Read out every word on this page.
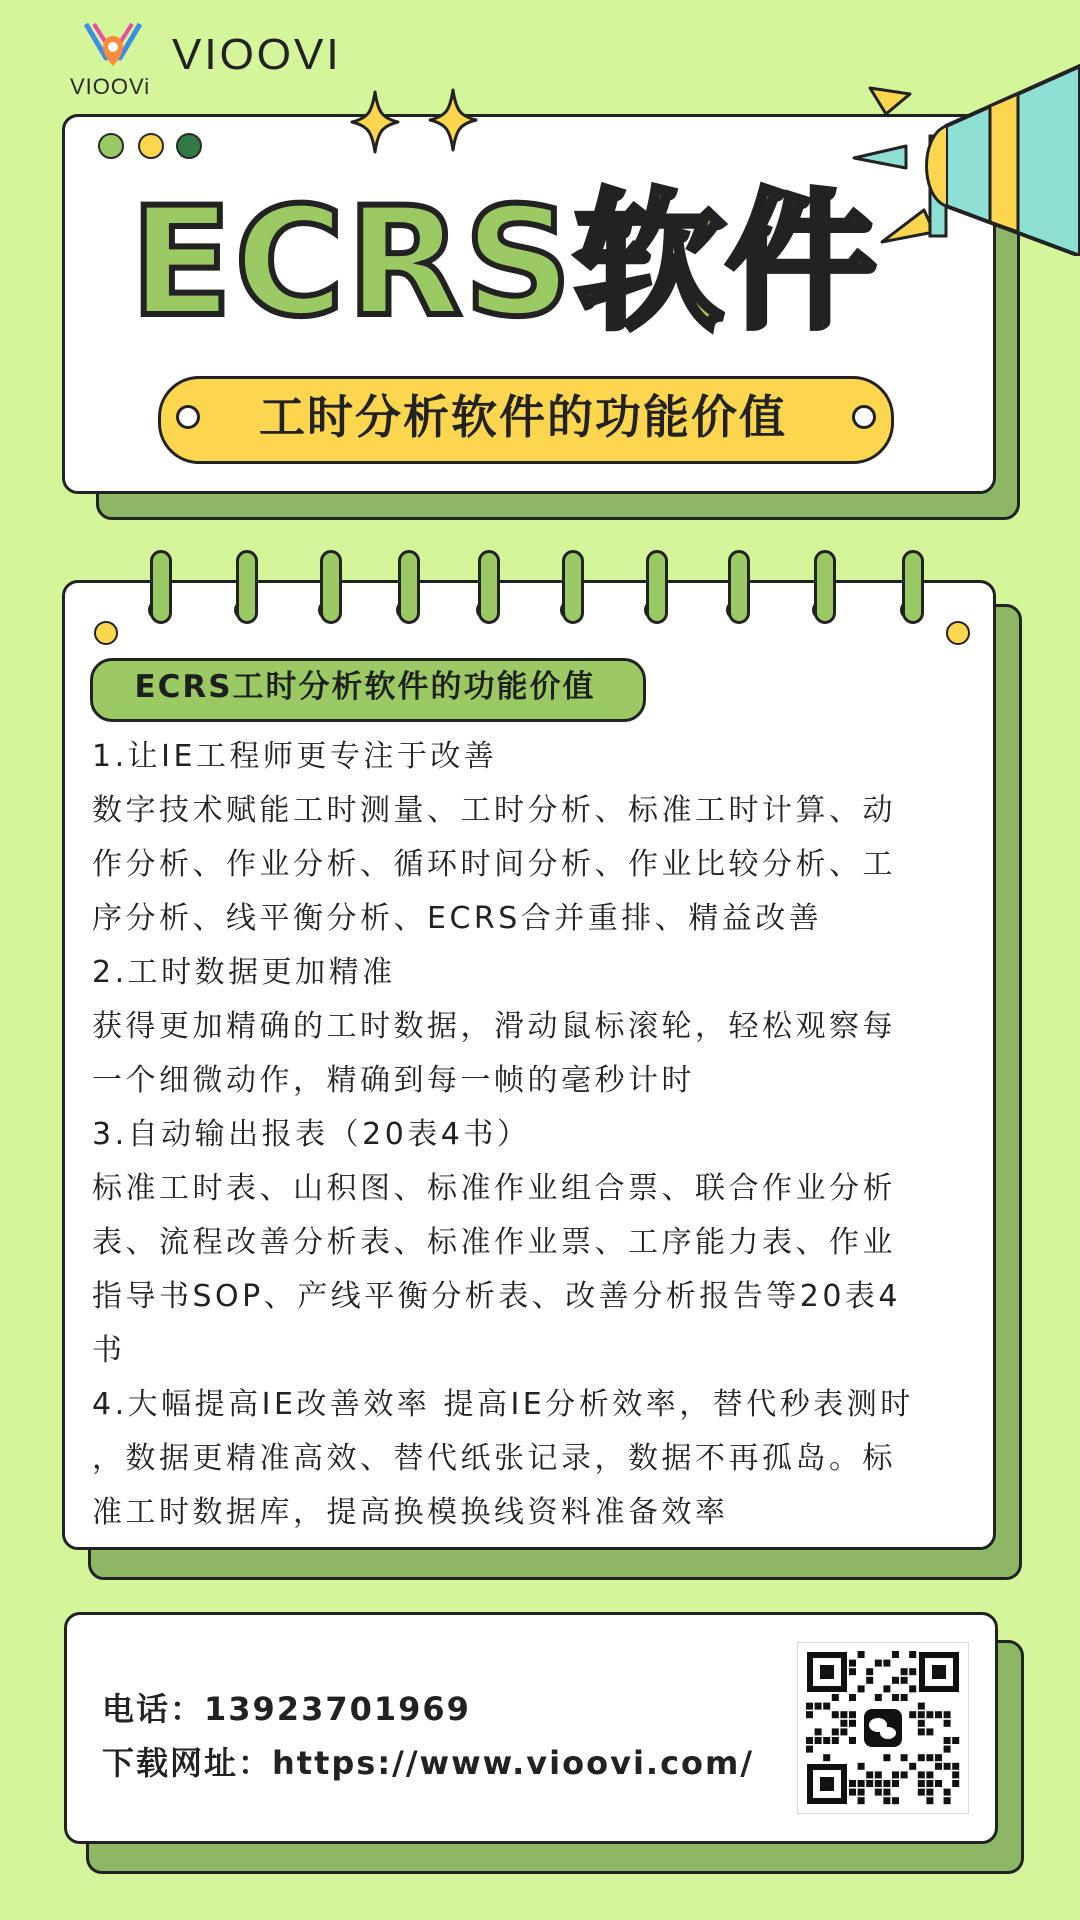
VIOOVi
VIOOVI
ECRS软件
工时分析软件的功能价值
ECRS工时分析软件的功能价值

1.让IE工程师更专注于改善

数字技术赋能工时测量、工时分析、标准工时计算、动

作分析、作业分析、循环时间分析、作业比较分析、工

序分析、线平衡分析、ECRS合并重排、精益改善

2.工时数据更加精准

获得更加精确的工时数据，滑动鼠标滚轮，轻松观察每

一个细微动作，精确到每一帧的毫秒计时

3.自动输出报表（20表4书）

标准工时表、山积图、标准作业组合票、联合作业分析

表、流程改善分析表、标准作业票、工序能力表、作业

指导书SOP、产线平衡分析表、改善分析报告等20表4

书

4.大幅提高IE改善效率 提高IE分析效率，替代秒表测时

，数据更精准高效、替代纸张记录，数据不再孤岛。标

准工时数据库，提高换模换线资料准备效率

电话：13923701969
下载网址：https://www.vioovi.com/
